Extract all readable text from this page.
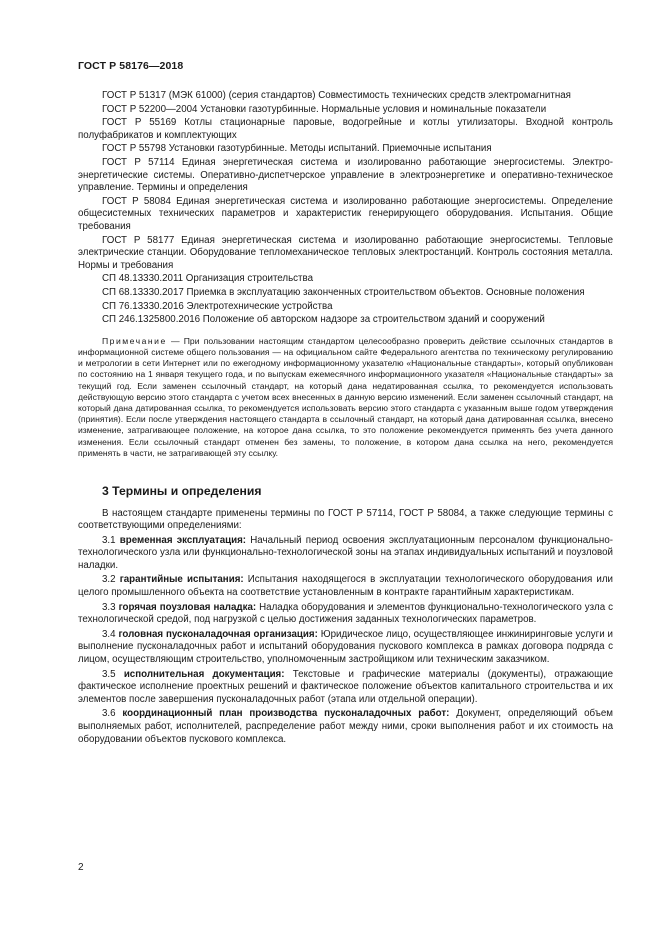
ГОСТ Р 58176—2018

ГОСТ Р 51317 (МЭК 61000) (серия стандартов) Совместимость технических средств электромагнитная

ГОСТ Р 52200—2004 Установки газотурбинные. Нормальные условия и номинальные показатели

ГОСТ Р 55169 Котлы стационарные паровые, водогрейные и котлы утилизаторы. Входной контроль полуфабрикатов и комплектующих

ГОСТ Р 55798 Установки газотурбинные. Методы испытаний. Приемочные испытания

ГОСТ Р 57114 Единая энергетическая система и изолированно работающие энергосистемы. Электро-энергетические системы. Оперативно-диспетчерское управление в электроэнергетике и оперативно-техническое управление. Термины и определения

ГОСТ Р 58084 Единая энергетическая система и изолированно работающие энергосистемы. Определение общесистемных технических параметров и характеристик генерирующего оборудования. Испытания. Общие требования

ГОСТ Р 58177 Единая энергетическая система и изолированно работающие энергосистемы. Тепловые электрические станции. Оборудование тепломеханическое тепловых электростанций. Контроль состояния металла. Нормы и требования

СП 48.13330.2011 Организация строительства

СП 68.13330.2017 Приемка в эксплуатацию законченных строительством объектов. Основные положения

СП 76.13330.2016 Электротехнические устройства

СП 246.1325800.2016 Положение об авторском надзоре за строительством зданий и сооружений

Примечание — При пользовании настоящим стандартом целесообразно проверить действие ссылочных стандартов в информационной системе общего пользования — на официальном сайте Федерального агентства по техническому регулированию и метрологии в сети Интернет или по ежегодному информационному указателю «Национальные стандарты», который опубликован по состоянию на 1 января текущего года, и по выпускам ежемесячного информационного указателя «Национальные стандарты» за текущий год. Если заменен ссылочный стандарт, на который дана недатированная ссылка, то рекомендуется использовать действующую версию этого стандарта с учетом всех внесенных в данную версию изменений. Если заменен ссылочный стандарт, на который дана датированная ссылка, то рекомендуется использовать версию этого стандарта с указанным выше годом утверждения (принятия). Если после утверждения настоящего стандарта в ссылочный стандарт, на который дана датированная ссылка, внесено изменение, затрагивающее положение, на которое дана ссылка, то это положение рекомендуется применять без учета данного изменения. Если ссылочный стандарт отменен без замены, то положение, в котором дана ссылка на него, рекомендуется применять в части, не затрагивающей эту ссылку.
3 Термины и определения

В настоящем стандарте применены термины по ГОСТ Р 57114, ГОСТ Р 58084, а также следующие термины с соответствующими определениями:

3.1 временная эксплуатация: Начальный период освоения эксплуатационным персоналом функционально-технологического узла или функционально-технологической зоны на этапах индивидуальных испытаний и поузловой наладки.

3.2 гарантийные испытания: Испытания находящегося в эксплуатации технологического оборудования или целого промышленного объекта на соответствие установленным в контракте гарантийным характеристикам.

3.3 горячая поузловая наладка: Наладка оборудования и элементов функционально-технологического узла с технологической средой, под нагрузкой с целью достижения заданных технологических параметров.

3.4 головная пусконаладочная организация: Юридическое лицо, осуществляющее инжиниринговые услуги и выполнение пусконаладочных работ и испытаний оборудования пускового комплекса в рамках договора подряда с лицом, осуществляющим строительство, уполномоченным застройщиком или техническим заказчиком.

3.5 исполнительная документация: Текстовые и графические материалы (документы), отражающие фактическое исполнение проектных решений и фактическое положение объектов капитального строительства и их элементов после завершения пусконаладочных работ (этапа или отдельной операции).

3.6 координационный план производства пусконаладочных работ: Документ, определяющий объем выполняемых работ, исполнителей, распределение работ между ними, сроки выполнения работ и их стоимость на оборудовании объектов пускового комплекса.

2
